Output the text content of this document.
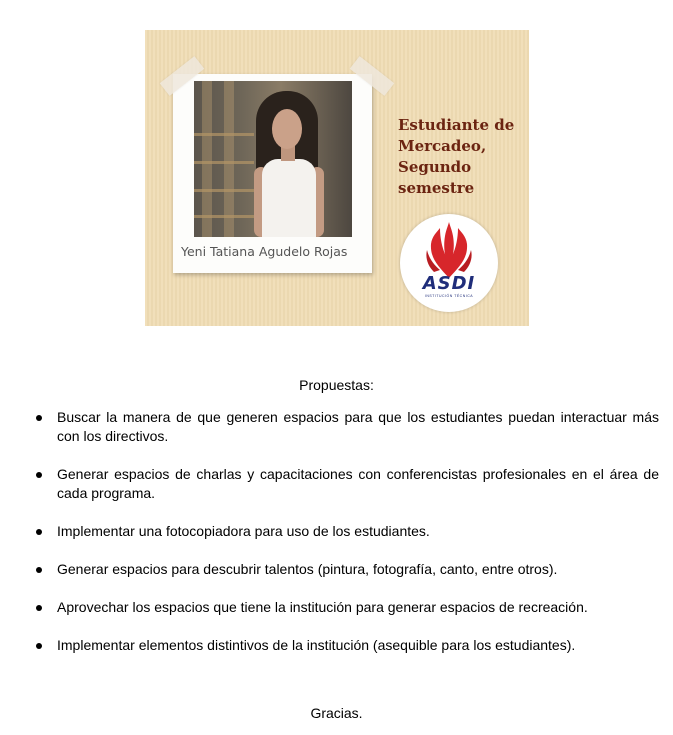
Yeni Tatiana Agudelo Rojas
Estudiante de
Mercadeo,
Segundo
semestre
ASDI
INSTITUCIÓN TÉCNICA
Propuestas:
Buscar la manera de que generen espacios para que los estudiantes puedan interactuar más con los directivos.
Generar espacios de charlas y capacitaciones con conferencistas profesionales en el área de cada programa.
Implementar una fotocopiadora para uso de los estudiantes.
Generar espacios para descubrir talentos (pintura, fotografía, canto, entre otros).
Aprovechar los espacios que tiene la institución para generar espacios de recreación.
Implementar elementos distintivos de la institución (asequible para los estudiantes).
Gracias.
